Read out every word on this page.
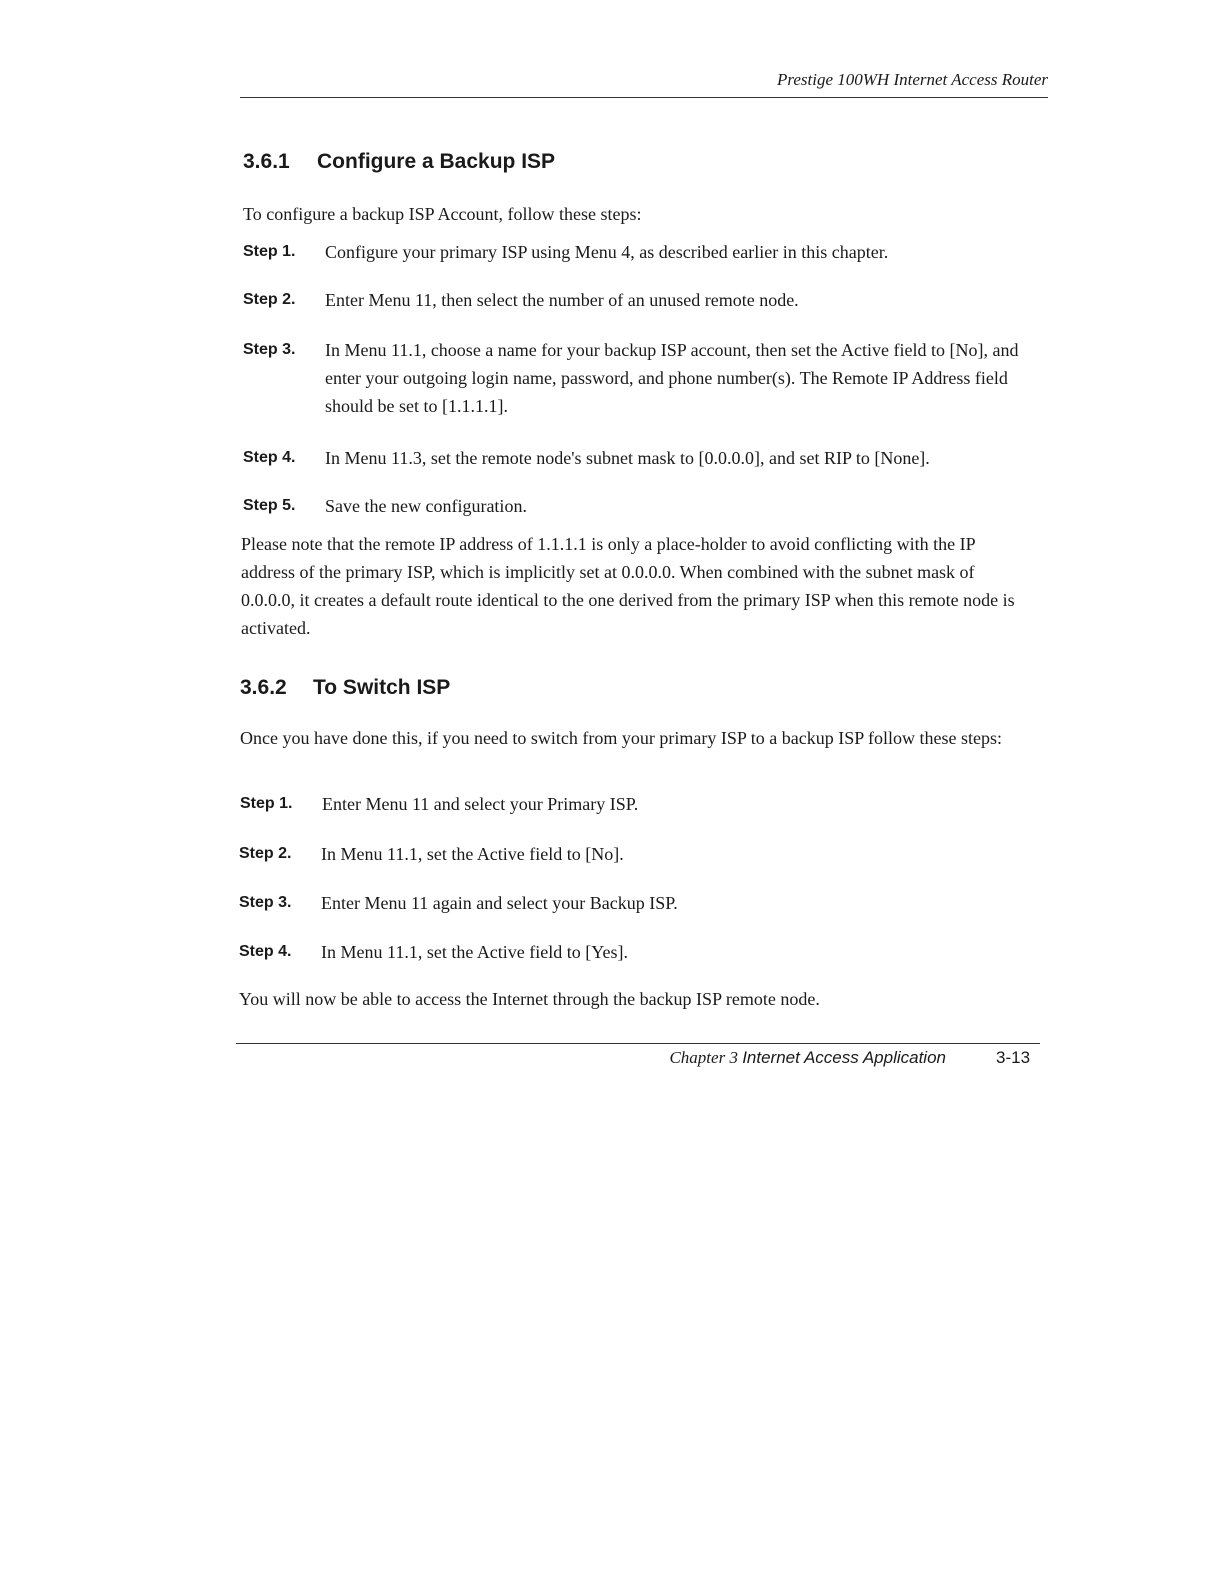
Prestige 100WH Internet Access Router
3.6.1 Configure a Backup ISP

To configure a backup ISP Account, follow these steps:

Step 1.	Configure your primary ISP using Menu 4, as described earlier in this chapter.
Step 2.	Enter Menu 11, then select the number of an unused remote node.
Step 3.	In Menu 11.1, choose a name for your backup ISP account, then set the Active field to [No], and enter your outgoing login name, password, and phone number(s). The Remote IP Address field should be set to [1.1.1.1].
Step 4.	In Menu 11.3, set the remote node's subnet mask to [0.0.0.0], and set RIP to [None].
Step 5.	Save the new configuration.

Please note that the remote IP address of 1.1.1.1 is only a place-holder to avoid conflicting with the IP address of the primary ISP, which is implicitly set at 0.0.0.0. When combined with the subnet mask of 0.0.0.0, it creates a default route identical to the one derived from the primary ISP when this remote node is activated.

3.6.2 To Switch ISP

Once you have done this, if you need to switch from your primary ISP to a backup ISP follow these steps:

Step 1.	Enter Menu 11 and select your Primary ISP.
Step 2.	In Menu 11.1, set the Active field to [No].
Step 3.	Enter Menu 11 again and select your Backup ISP.
Step 4.	In Menu 11.1, set the Active field to [Yes].

You will now be able to access the Internet through the backup ISP remote node.

Chapter 3 Internet Access Application	3-13
